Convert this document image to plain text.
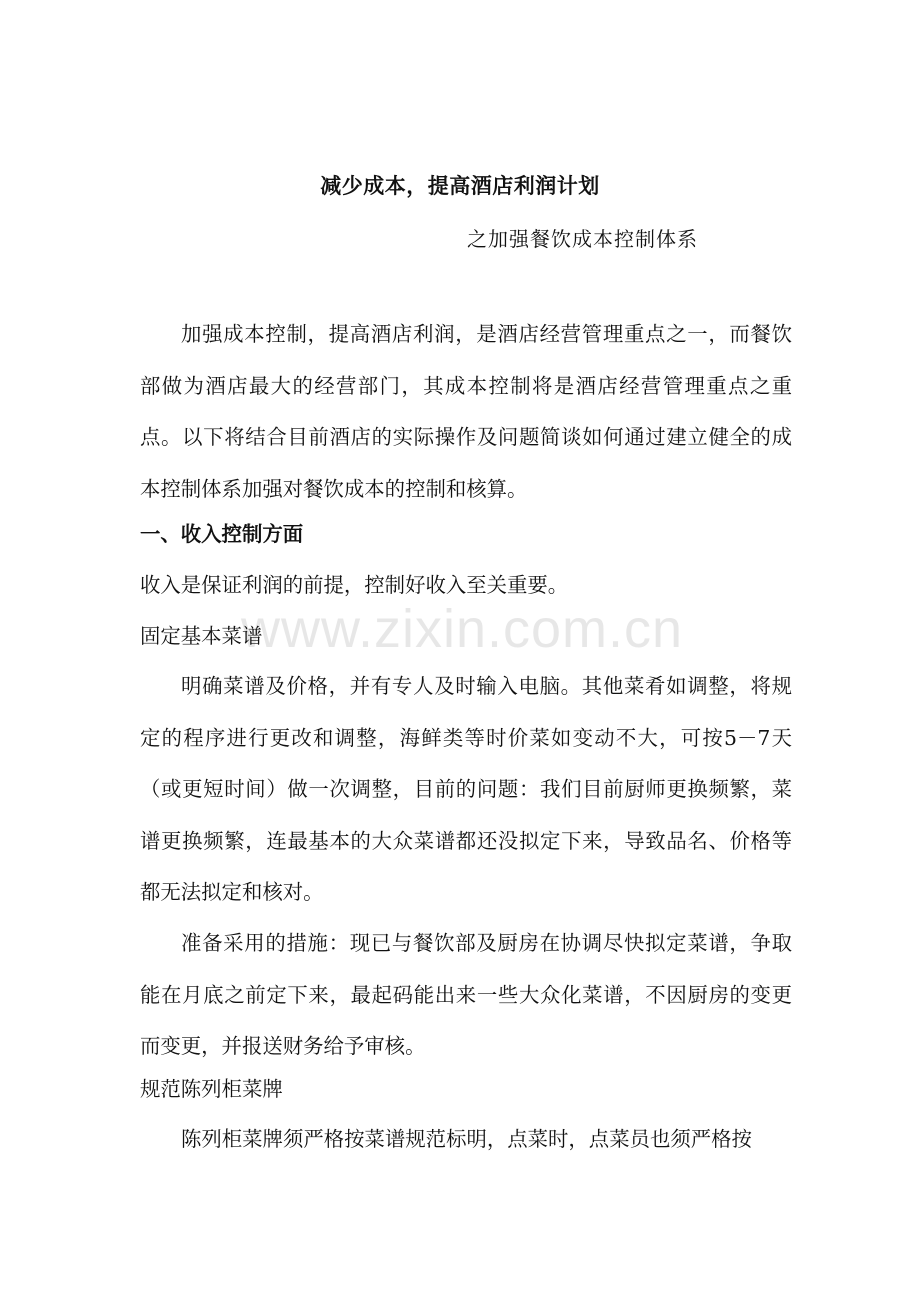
www.zixin.com.cn
减少成本，提高酒店利润计划
之加强餐饮成本控制体系

加强成本控制，提高酒店利润，是酒店经营管理重点之一，而餐饮部做为酒店最大的经营部门，其成本控制将是酒店经营管理重点之重点。以下将结合目前酒店的实际操作及问题简谈如何通过建立健全的成本控制体系加强对餐饮成本的控制和核算。

一、收入控制方面

收入是保证利润的前提，控制好收入至关重要。

固定基本菜谱

明确菜谱及价格，并有专人及时输入电脑。其他菜肴如调整，将规定的程序进行更改和调整，海鲜类等时价菜如变动不大，可按5－7天（或更短时间）做一次调整，目前的问题：我们目前厨师更换频繁，菜谱更换频繁，连最基本的大众菜谱都还没拟定下来，导致品名、价格等都无法拟定和核对。

准备采用的措施：现已与餐饮部及厨房在协调尽快拟定菜谱，争取能在月底之前定下来，最起码能出来一些大众化菜谱，不因厨房的变更而变更，并报送财务给予审核。

规范陈列柜菜牌

陈列柜菜牌须严格按菜谱规范标明，点菜时，点菜员也须严格按
